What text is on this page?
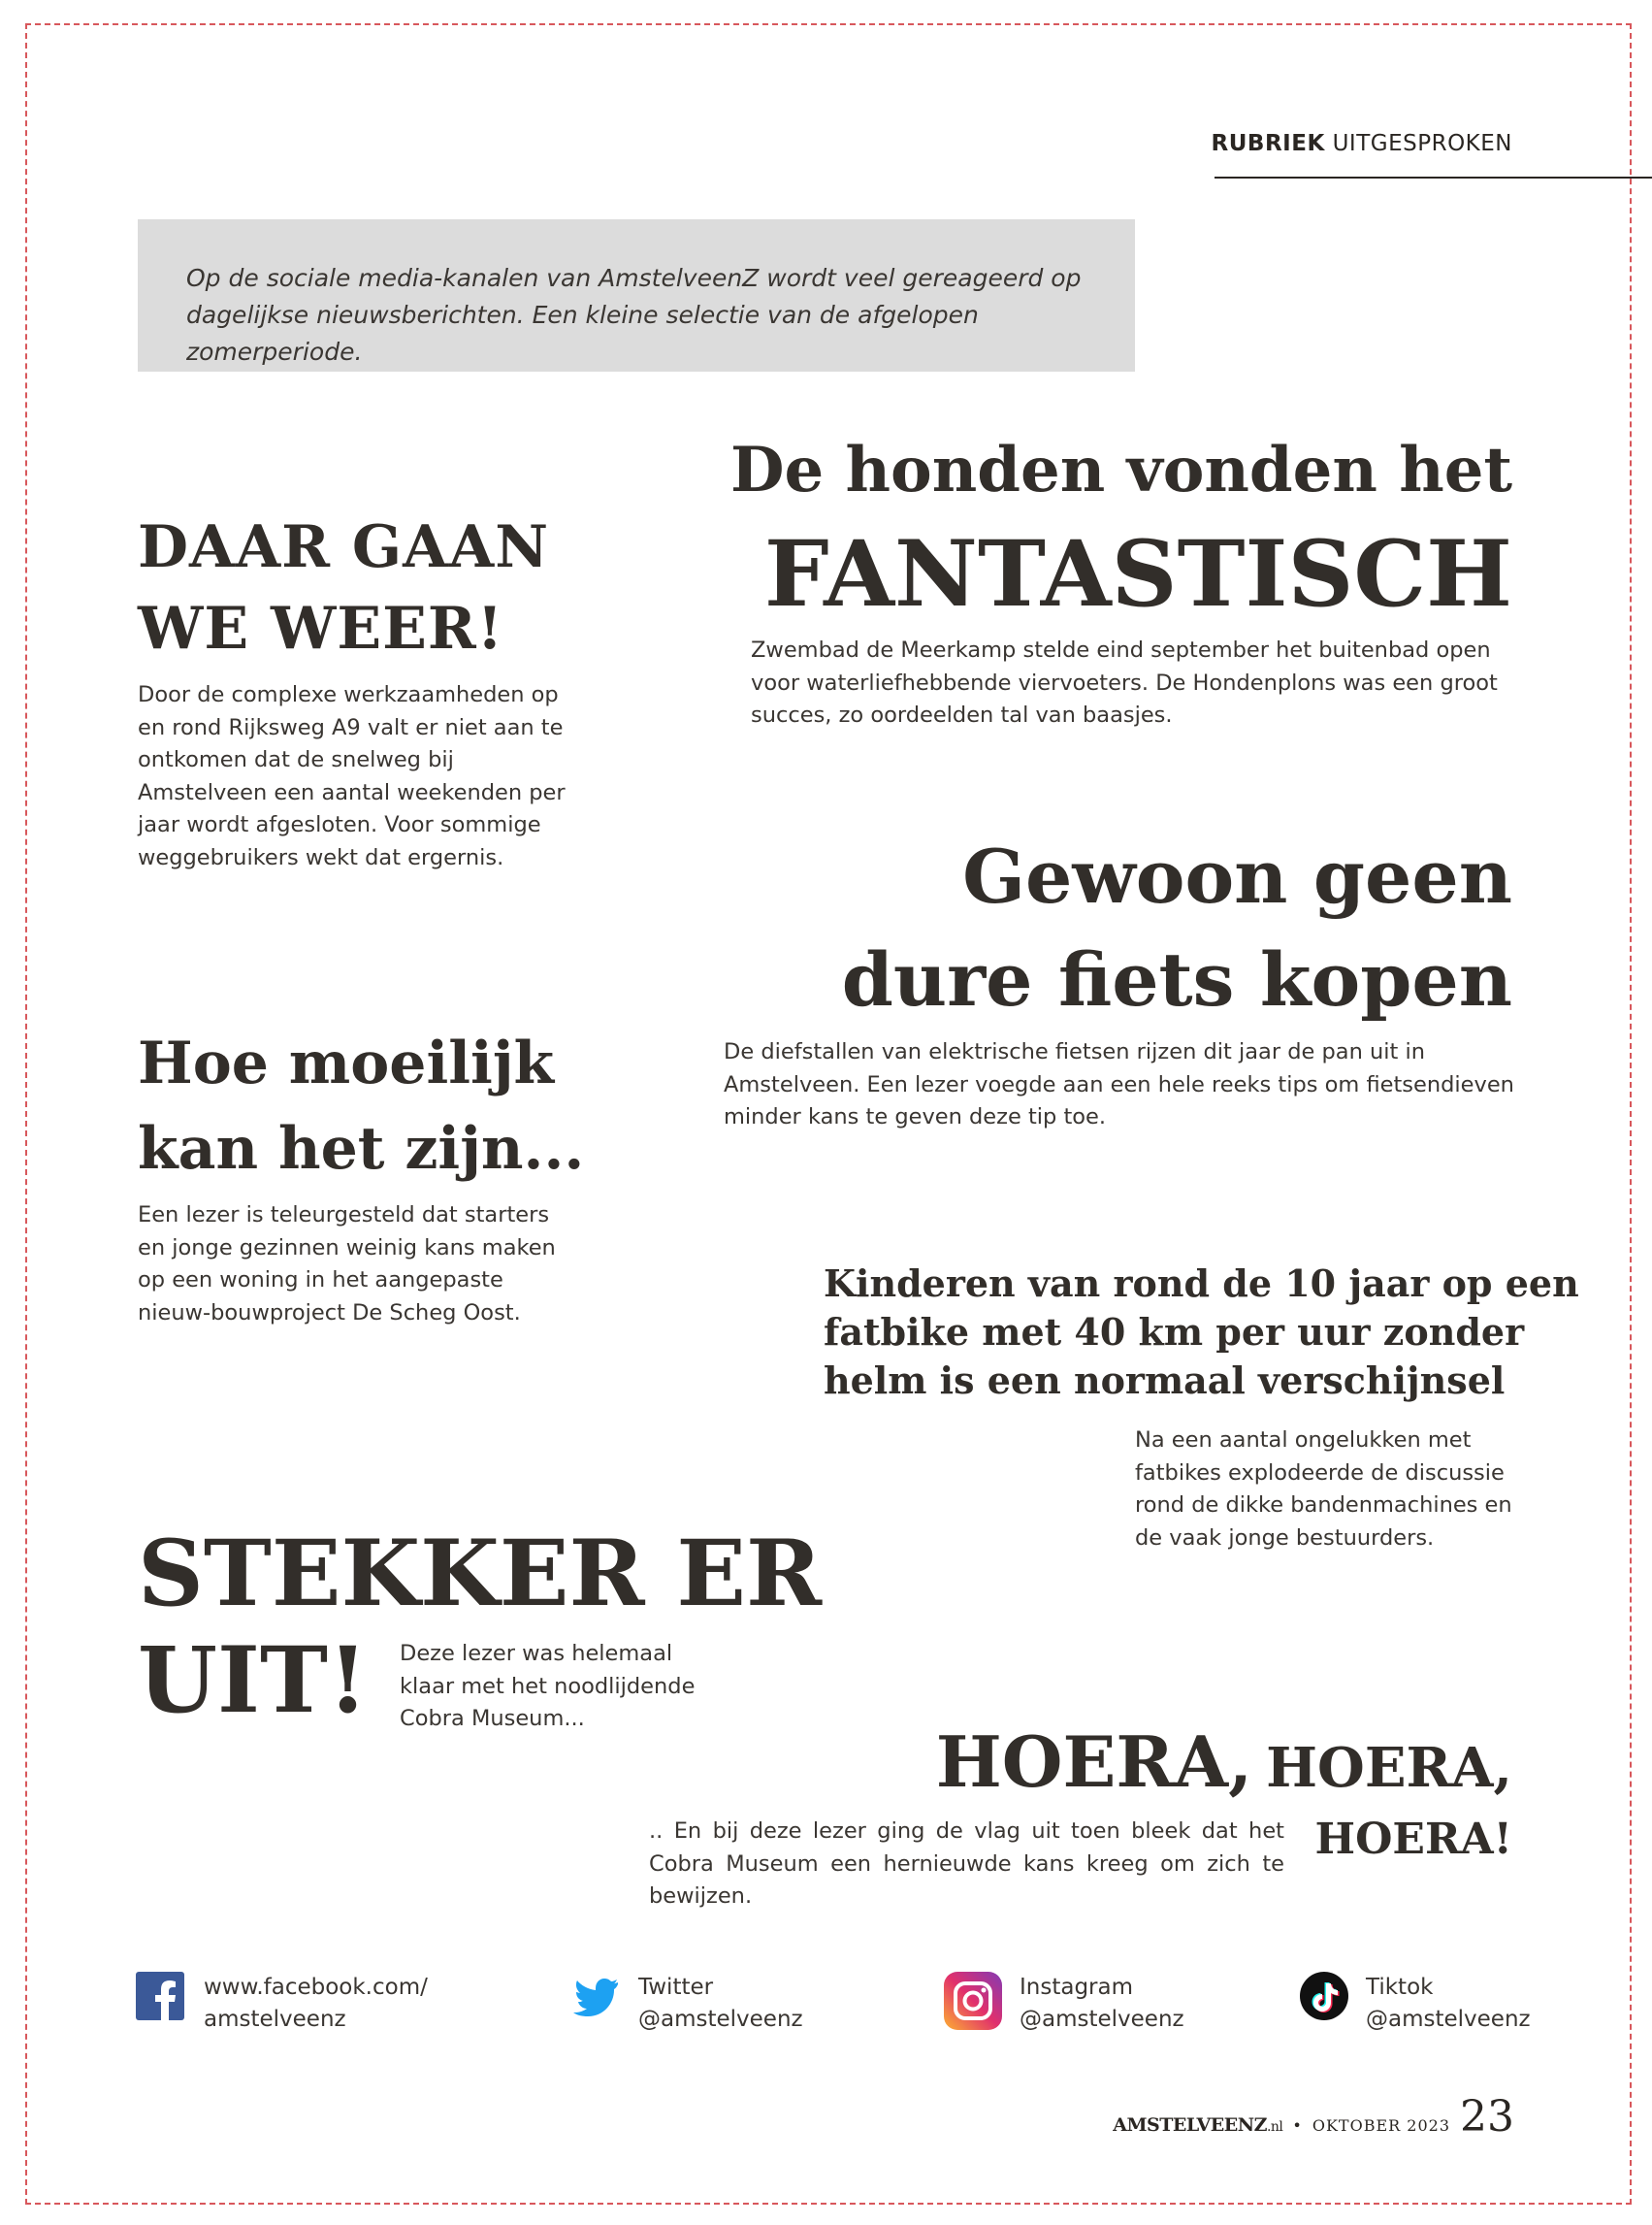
RUBRIEK UITGESPROKEN

Op de sociale media-kanalen van AmstelveenZ wordt veel gereageerd op dagelijkse nieuwsberichten. Een kleine selectie van de afgelopen zomerperiode.

DAAR GAAN
WE WEER!
Door de complexe werkzaamheden op en rond Rijksweg A9 valt er niet aan te ontkomen dat de snelweg bij Amstelveen een aantal weekenden per jaar wordt afgesloten. Voor sommige weggebruikers wekt dat ergernis.
De honden vonden het
FANTASTISCH
Zwembad de Meerkamp stelde eind september het buitenbad open voor waterliefhebbende viervoeters. De Hondenplons was een groot succes, zo oordeelden tal van baasjes.
Gewoon geen
dure fiets kopen
De diefstallen van elektrische fietsen rijzen dit jaar de pan uit in Amstelveen. Een lezer voegde aan een hele reeks tips om fietsendieven minder kans te geven deze tip toe.
Hoe moeilijk
kan het zijn...
Een lezer is teleurgesteld dat starters en jonge gezinnen weinig kans maken op een woning in het aangepaste nieuw-bouwproject De Scheg Oost.
Kinderen van rond de 10 jaar op een
fatbike met 40 km per uur zonder
helm is een normaal verschijnsel
Na een aantal ongelukken met fatbikes explodeerde de discussie rond de dikke bandenmachines en de vaak jonge bestuurders.
STEKKER ER
UIT! Deze lezer was helemaal klaar met het noodlijdende Cobra Museum...
HOERA, HOERA,
HOERA!
.. En bij deze lezer ging de vlag uit toen bleek dat het Cobra Museum een hernieuwde kans kreeg om zich te bewijzen.
www.facebook.com/
amstelveenz
Twitter
@amstelveenz
Instagram
@amstelveenz
Tiktok
@amstelveenz
AMSTELVEENZ.nl • OKTOBER 2023 23
